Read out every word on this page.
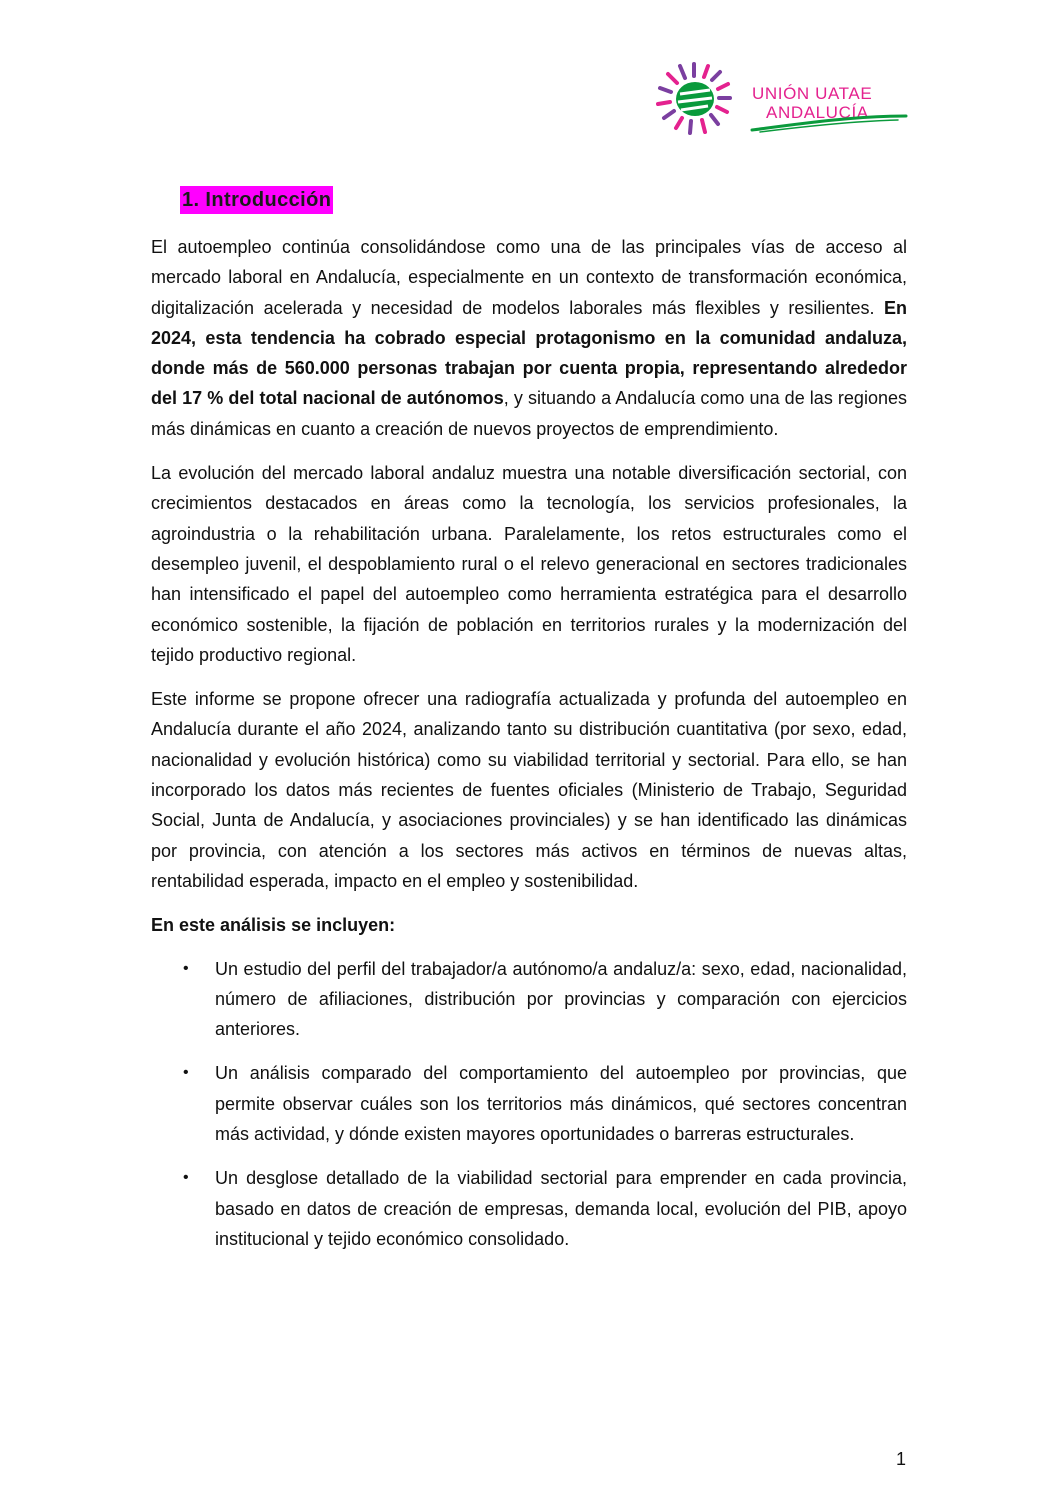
UNIÓN UATAE
ANDALUCÍA
1. Introducción

El autoempleo continúa consolidándose como una de las principales vías de acceso al mercado laboral en Andalucía, especialmente en un contexto de transformación económica, digitalización acelerada y necesidad de modelos laborales más flexibles y resilientes. En 2024, esta tendencia ha cobrado especial protagonismo en la comunidad andaluza, donde más de 560.000 personas trabajan por cuenta propia, representando alrededor del 17 % del total nacional de autónomos, y situando a Andalucía como una de las regiones más dinámicas en cuanto a creación de nuevos proyectos de emprendimiento.

La evolución del mercado laboral andaluz muestra una notable diversificación sectorial, con crecimientos destacados en áreas como la tecnología, los servicios profesionales, la agroindustria o la rehabilitación urbana. Paralelamente, los retos estructurales como el desempleo juvenil, el despoblamiento rural o el relevo generacional en sectores tradicionales han intensificado el papel del autoempleo como herramienta estratégica para el desarrollo económico sostenible, la fijación de población en territorios rurales y la modernización del tejido productivo regional.

Este informe se propone ofrecer una radiografía actualizada y profunda del autoempleo en Andalucía durante el año 2024, analizando tanto su distribución cuantitativa (por sexo, edad, nacionalidad y evolución histórica) como su viabilidad territorial y sectorial. Para ello, se han incorporado los datos más recientes de fuentes oficiales (Ministerio de Trabajo, Seguridad Social, Junta de Andalucía, y asociaciones provinciales) y se han identificado las dinámicas por provincia, con atención a los sectores más activos en términos de nuevas altas, rentabilidad esperada, impacto en el empleo y sostenibilidad.

En este análisis se incluyen:
• Un estudio del perfil del trabajador/a autónomo/a andaluz/a: sexo, edad, nacionalidad, número de afiliaciones, distribución por provincias y comparación con ejercicios anteriores.
• Un análisis comparado del comportamiento del autoempleo por provincias, que permite observar cuáles son los territorios más dinámicos, qué sectores concentran más actividad, y dónde existen mayores oportunidades o barreras estructurales.
• Un desglose detallado de la viabilidad sectorial para emprender en cada provincia, basado en datos de creación de empresas, demanda local, evolución del PIB, apoyo institucional y tejido económico consolidado.
1
